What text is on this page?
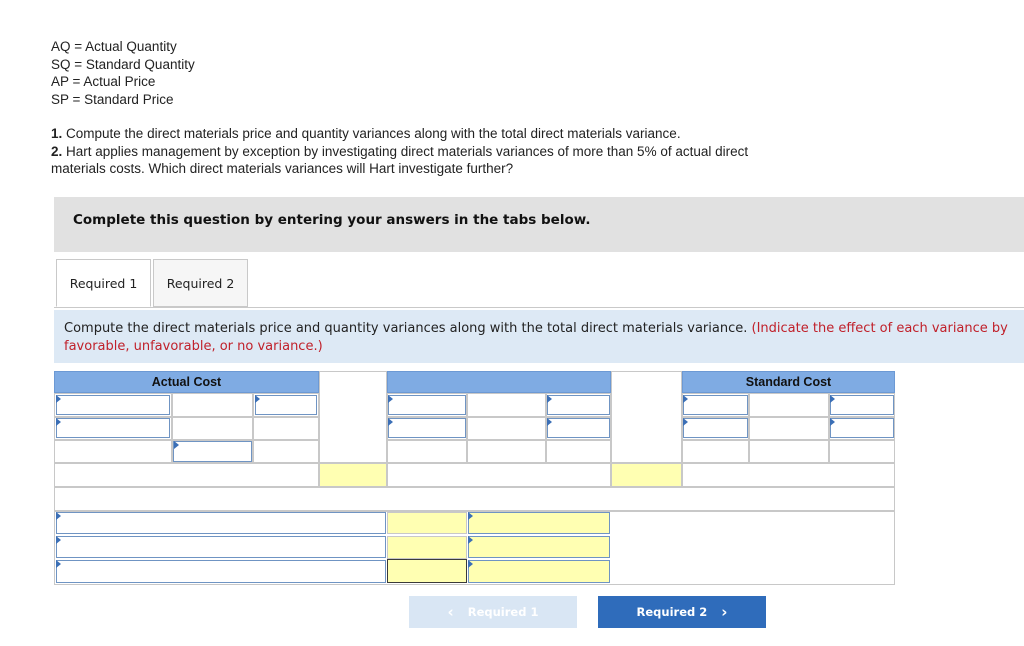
AQ = Actual Quantity
SQ = Standard Quantity
AP = Actual Price
SP = Standard Price
1. Compute the direct materials price and quantity variances along with the total direct materials variance.
2. Hart applies management by exception by investigating direct materials variances of more than 5% of actual direct materials costs. Which direct materials variances will Hart investigate further?
Complete this question by entering your answers in the tabs below.
Required 1 Required 2
Compute the direct materials price and quantity variances along with the total direct materials variance. (Indicate the effect of each variance by
favorable, unfavorable, or no variance.)
Actual Cost	Standard Cost
‹ Required 1	Required 2 ›
